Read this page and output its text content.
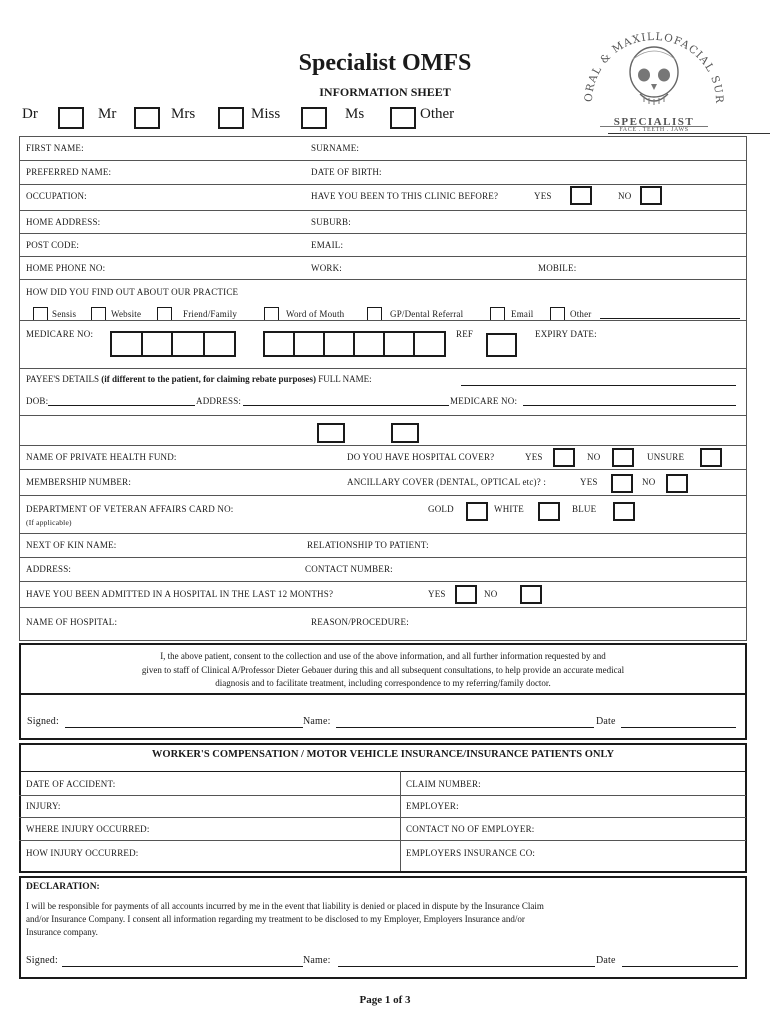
Specialist OMFS
INFORMATION SHEET	ORAL & MAXILLOFACIAL SUR
SPECIALIST
FACE . TEETH . JAWS
Dr	Mr	Mrs	Miss	Ms	Other
FIRST NAME:	SURNAME:
PREFERRED NAME:	DATE OF BIRTH:
OCCUPATION:	HAVE YOU BEEN TO THIS CLINIC BEFORE?	YES	NO
HOME ADDRESS:	SUBURB:
POST CODE:	EMAIL:
HOME PHONE NO:	WORK:	MOBILE:
HOW DID YOU FIND OUT ABOUT OUR PRACTICE
Sensis	Website	Friend/Family	Word of Mouth	GP/Dental Referral	Email	Other
MEDICARE NO:	REF	EXPIRY DATE:
PAYEE'S DETAILS (if different to the patient, for claiming rebate purposes) FULL NAME:
DOB:	ADDRESS:	MEDICARE NO:
NAME OF PRIVATE HEALTH FUND:	DO YOU HAVE HOSPITAL COVER?	YES	NO	UNSURE
MEMBERSHIP NUMBER:	ANCILLARY COVER (DENTAL, OPTICAL etc)? :	YES	NO
DEPARTMENT OF VETERAN AFFAIRS CARD NO:
(If applicable)
GOLD	WHITE	BLUE
NEXT OF KIN NAME:	RELATIONSHIP TO PATIENT:
ADDRESS:	CONTACT NUMBER:
HAVE YOU BEEN ADMITTED IN A HOSPITAL IN THE LAST 12 MONTHS?	YES	NO
NAME OF HOSPITAL:	REASON/PROCEDURE:
I, the above patient, consent to the collection and use of the above information, and all further information requested by and
given to staff of Clinical A/Professor Dieter Gebauer during this and all subsequent consultations, to help provide an accurate medical
diagnosis and to facilitate treatment, including correspondence to my referring/family doctor.
Signed:	Name:	Date
WORKER'S COMPENSATION / MOTOR VEHICLE INSURANCE/INSURANCE PATIENTS ONLY
DATE OF ACCIDENT:	CLAIM NUMBER:
INJURY:	EMPLOYER:
WHERE INJURY OCCURRED:	CONTACT NO OF EMPLOYER:
HOW INJURY OCCURRED:	EMPLOYERS INSURANCE CO:
DECLARATION:
I will be responsible for payments of all accounts incurred by me in the event that liability is denied or placed in dispute by the Insurance Claim
and/or Insurance Company. I consent all information regarding my treatment to be disclosed to my Employer, Employers Insurance and/or
Insurance company.
Signed:	Name:	Date
Page 1 of 3
